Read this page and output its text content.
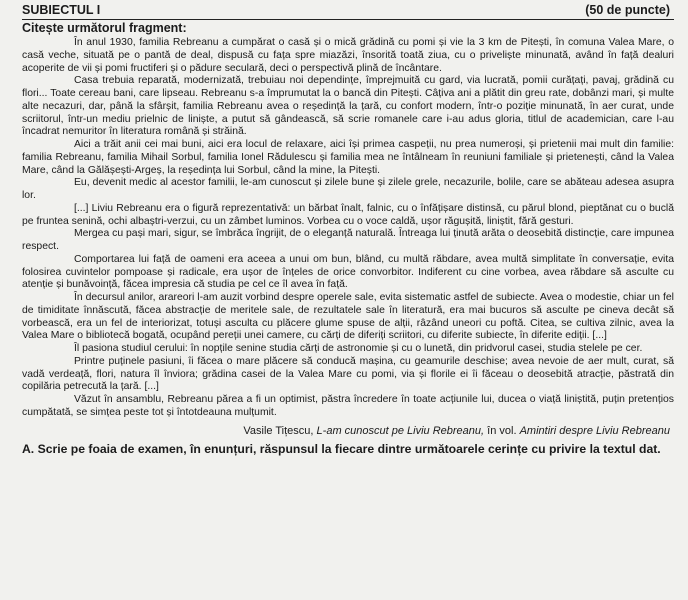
SUBIECTUL I	(50 de puncte)
Citește următorul fragment:

În anul 1930, familia Rebreanu a cumpărat o casă și o mică grădină cu pomi și vie la 3 km de Pitești, în comuna Valea Mare, o casă veche, situată pe o pantă de deal, dispusă cu fața spre miazăzi, însorită toată ziua, cu o priveliște minunată, având în față dealuri acoperite de vii și pomi fructiferi și o pădure seculară, deci o perspectivă plină de încântare.

Casa trebuia reparată, modernizată, trebuiau noi dependințe, împrejmuită cu gard, via lucrată, pomii curățați, pavaj, grădină cu flori... Toate cereau bani, care lipseau. Rebreanu s-a împrumutat la o bancă din Pitești. Câțiva ani a plătit din greu rate, dobânzi mari, și multe alte necazuri, dar, până la sfârșit, familia Rebreanu avea o reședință la țară, cu confort modern, într-o poziție minunată, în aer curat, unde scriitorul, într-un mediu prielnic de liniște, a putut să gândească, să scrie romanele care i-au adus gloria, titlul de academician, care l-au încadrat nemuritor în literatura română și străină.

Aici a trăit anii cei mai buni, aici era locul de relaxare, aici își primea caspeții, nu prea numeroși, și prietenii mai mult din familie: familia Rebreanu, familia Mihail Sorbul, familia Ionel Rădulescu și familia mea ne întâlneam în reuniuni familiale și prietenești, când la Valea Mare, când la Gălășești-Argeș, la reședința lui Sorbul, când la mine, la Pitești.

Eu, devenit medic al acestor familii, le-am cunoscut și zilele bune și zilele grele, necazurile, bolile, care se abăteau adesea asupra lor.

[...] Liviu Rebreanu era o figură reprezentativă: un bărbat înalt, falnic, cu o înfățișare distinsă, cu părul blond, pieptănat cu o buclă pe fruntea senină, ochi albaștri-verzui, cu un zâmbet luminos. Vorbea cu o voce caldă, ușor răgușită, liniștit, fără gesturi.

Mergea cu pași mari, sigur, se îmbrăca îngrijit, de o eleganță naturală. Întreaga lui ținută arăta o deosebită distincție, care impunea respect.

Comportarea lui față de oameni era aceea a unui om bun, blând, cu multă răbdare, avea multă simplitate în conversație, evita folosirea cuvintelor pompoase și radicale, era ușor de înțeles de orice convorbitor. Indiferent cu cine vorbea, avea răbdare să asculte cu atenție și bunăvoință, făcea impresia că studia pe cel ce îl avea în față.

În decursul anilor, arareori l-am auzit vorbind despre operele sale, evita sistematic astfel de subiecte. Avea o modestie, chiar un fel de timiditate înnăscută, făcea abstracție de meritele sale, de rezultatele sale în literatură, era mai bucuros să asculte pe cineva decât să vorbească, era un fel de interiorizat, totuși asculta cu plăcere glume spuse de alții, râzând uneori cu poftă. Citea, se cultiva zilnic, avea la Valea Mare o bibliotecă bogată, ocupând pereții unei camere, cu cărți de diferiți scriitori, cu diferite subiecte, în diferite ediții. [...]

Îl pasiona studiul cerului: în nopțile senine studia cărți de astronomie și cu o lunetă, din pridvorul casei, studia stelele pe cer.

Printre puținele pasiuni, îi făcea o mare plăcere să conducă mașina, cu geamurile deschise; avea nevoie de aer mult, curat, să vadă verdeață, flori, natura îl înviora; grădina casei de la Valea Mare cu pomi, via și florile ei îi făceau o deosebită atracție, păstrată din copilăria petrecută la țară. [...]

Văzut în ansamblu, Rebreanu părea a fi un optimist, păstra încredere în toate acțiunile lui, ducea o viață liniștită, puțin pretențios cumpătată, se simțea peste tot și întotdeauna mulțumit.

Vasile Tițescu, L-am cunoscut pe Liviu Rebreanu, în vol. Amintiri despre Liviu Rebreanu

A. Scrie pe foaia de examen, în enunțuri, răspunsul la fiecare dintre următoarele cerințe cu privire la textul dat.
